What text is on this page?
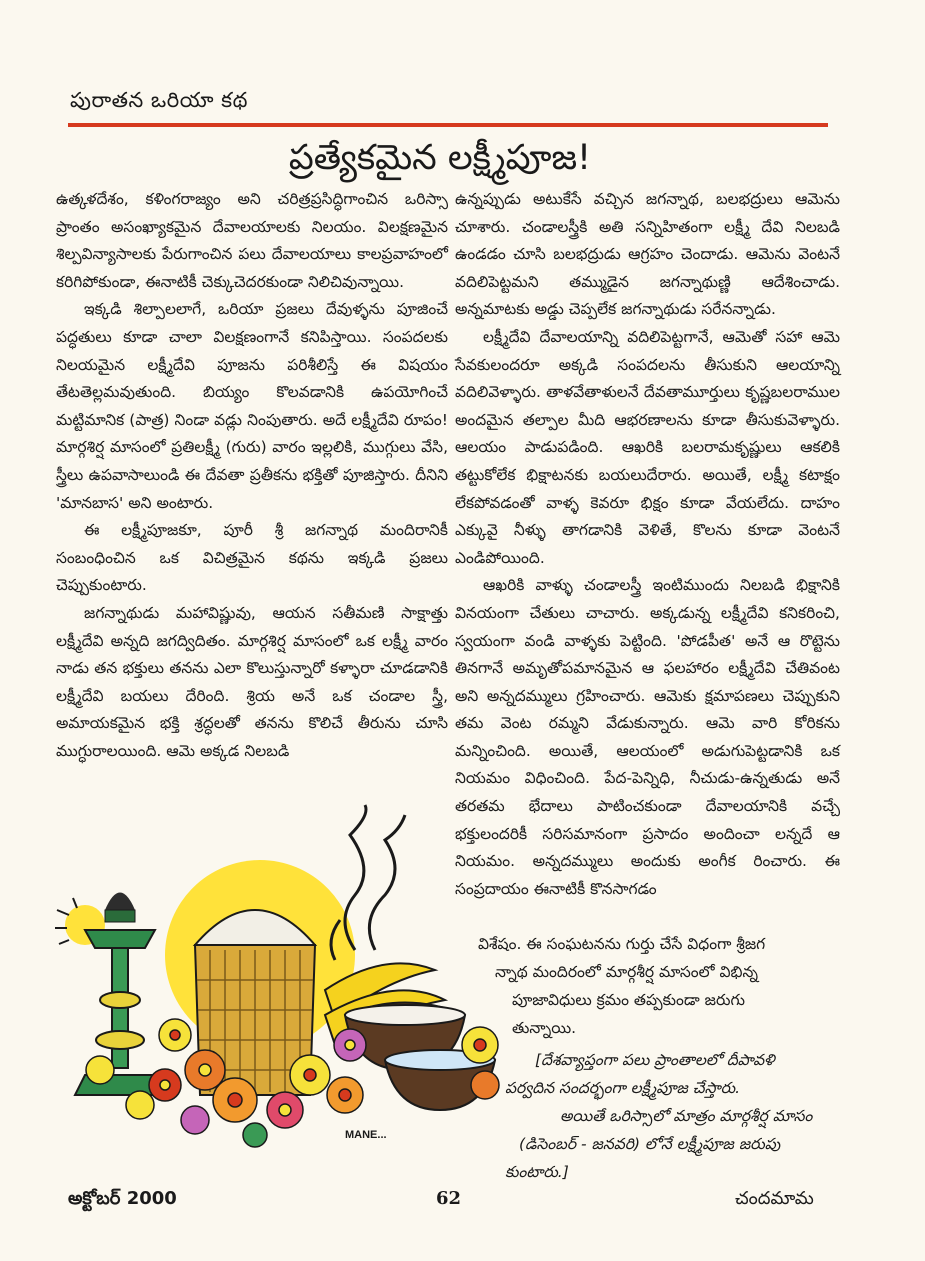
పురాతన ఒరియా కథ
ప్రత్యేకమైన లక్ష్మీపూజ!

ఉత్కళదేశం, కళింగరాజ్యం అని చరిత్రప్రసిద్ధిగాంచిన ఒరిస్సా ప్రాంతం అసంఖ్యాకమైన దేవాలయాలకు నిలయం. విలక్షణమైన శిల్పవిన్యాసాలకు పేరుగాంచిన పలు దేవాలయాలు కాలప్రవాహంలో కరిగిపోకుండా, ఈనాటికీ చెక్కుచెదరకుండా నిలిచివున్నాయి.

ఇక్కడి శిల్పాలలాగే, ఒరియా ప్రజలు దేవుళ్ళను పూజించే పద్ధతులు కూడా చాలా విలక్షణంగానే కనిపిస్తాయి. సంపదలకు నిలయమైన లక్ష్మీదేవి పూజను పరిశీలిస్తే ఈ విషయం తేటతెల్లమవుతుంది. బియ్యం కొలవడానికి ఉపయోగించే మట్టిమానిక (పాత్ర) నిండా వడ్లు నింపుతారు. అదే లక్ష్మీదేవి రూపం! మార్గశిర్ష మాసంలో ప్రతిలక్ష్మీ (గురు) వారం ఇల్లలికి, ముగ్గులు వేసి, స్త్రీలు ఉపవాసాలుండి ఈ దేవతా ప్రతీకను భక్తితో పూజిస్తారు. దీనిని 'మానబాస' అని అంటారు.

ఈ లక్ష్మీపూజకూ, పూరీ శ్రీ జగన్నాథ మందిరానికీ సంబంధించిన ఒక విచిత్రమైన కథను ఇక్కడి ప్రజలు చెప్పుకుంటారు.

జగన్నాథుడు మహావిష్ణువు, ఆయన సతీమణి సాక్షాత్తు లక్ష్మీదేవి అన్నది జగద్విదితం. మార్గశిర్ష మాసంలో ఒక లక్ష్మీ వారం నాడు తన భక్తులు తనను ఎలా కొలుస్తున్నారో కళ్ళారా చూడడానికి లక్ష్మీదేవి బయలు దేరింది. శ్రియ అనే ఒక చండాల స్త్రీ, అమాయకమైన భక్తి శ్రద్ధలతో తనను కొలిచే తీరును చూసి ముగ్ధురాలయింది. ఆమె అక్కడ నిలబడి

ఉన్నప్పుడు అటుకేసే వచ్చిన జగన్నాథ, బలభద్రులు ఆమెను చూశారు. చండాలస్త్రీకి అతి సన్నిహితంగా లక్ష్మీ దేవి నిలబడి ఉండడం చూసి బలభద్రుడు ఆగ్రహం చెందాడు. ఆమెను వెంటనే వదిలిపెట్టమని తమ్ముడైన జగన్నాథుణ్ణి ఆదేశించాడు. అన్నమాటకు అడ్డు చెప్పలేక జగన్నాథుడు సరేనన్నాడు.

లక్ష్మీదేవి దేవాలయాన్ని వదిలిపెట్టగానే, ఆమెతో సహా ఆమె సేవకులందరూ అక్కడి సంపదలను తీసుకుని ఆలయాన్ని వదిలివెళ్ళారు. తాళవేతాళులనే దేవతామూర్తులు కృష్ణబలరాముల అందమైన తల్పాల మీది ఆభరణాలను కూడా తీసుకువెళ్ళారు. ఆలయం పాడుపడింది. ఆఖరికి బలరామకృష్ణులు ఆకలికి తట్టుకోలేక భిక్షాటనకు బయలుదేరారు. అయితే, లక్ష్మీ కటాక్షం లేకపోవడంతో వాళ్ళ కెవరూ భిక్షం కూడా వేయలేదు. దాహం ఎక్కువై నీళ్ళు తాగడానికి వెళితే, కొలను కూడా వెంటనే ఎండిపోయింది.

ఆఖరికి వాళ్ళు చండాలస్త్రీ ఇంటిముందు నిలబడి భిక్షానికి వినయంగా చేతులు చాచారు. అక్కడున్న లక్ష్మీదేవి కనికరించి, స్వయంగా వండి వాళ్ళకు పెట్టింది. 'పోడపీత' అనే ఆ రొట్టెను తినగానే అమృతోపమానమైన ఆ ఫలహారం లక్ష్మీదేవి చేతివంట అని అన్నదమ్ములు గ్రహించారు. ఆమెకు క్షమాపణలు చెప్పుకుని తమ వెంట రమ్మని వేడుకున్నారు. ఆమె వారి కోరికను మన్నించింది. అయితే, ఆలయంలో అడుగుపెట్టడానికి ఒక నియమం విధించింది. పేద-పెన్నిధి, నీచుడు-ఉన్నతుడు అనే తరతమ భేదాలు పాటించకుండా దేవాలయానికి వచ్చే భక్తులందరికీ సరిసమానంగా ప్రసాదం అందించా లన్నదే ఆ నియమం. అన్నదమ్ములు అందుకు అంగీక రించారు. ఈ సంప్రదాయం ఈనాటికీ కొనసాగడం

విశేషం. ఈ సంఘటనను గుర్తు చేసే విధంగా శ్రీజగ
న్నాథ మందిరంలో మార్గశీర్ష మాసంలో విభిన్న
పూజావిధులు క్రమం తప్పకుండా జరుగు
తున్నాయి.
[దేశవ్యాప్తంగా పలు ప్రాంతాలలో దీపావళి
పర్వదిన సందర్భంగా లక్ష్మీపూజ చేస్తారు.
అయితే ఒరిస్సాలో మాత్రం మార్గశీర్ష మాసం
(డిసెంబర్ - జనవరి) లోనే లక్ష్మీపూజ జరుపు
కుంటారు.]
MANE...
అక్టోబర్ 2000	62	చందమామ
